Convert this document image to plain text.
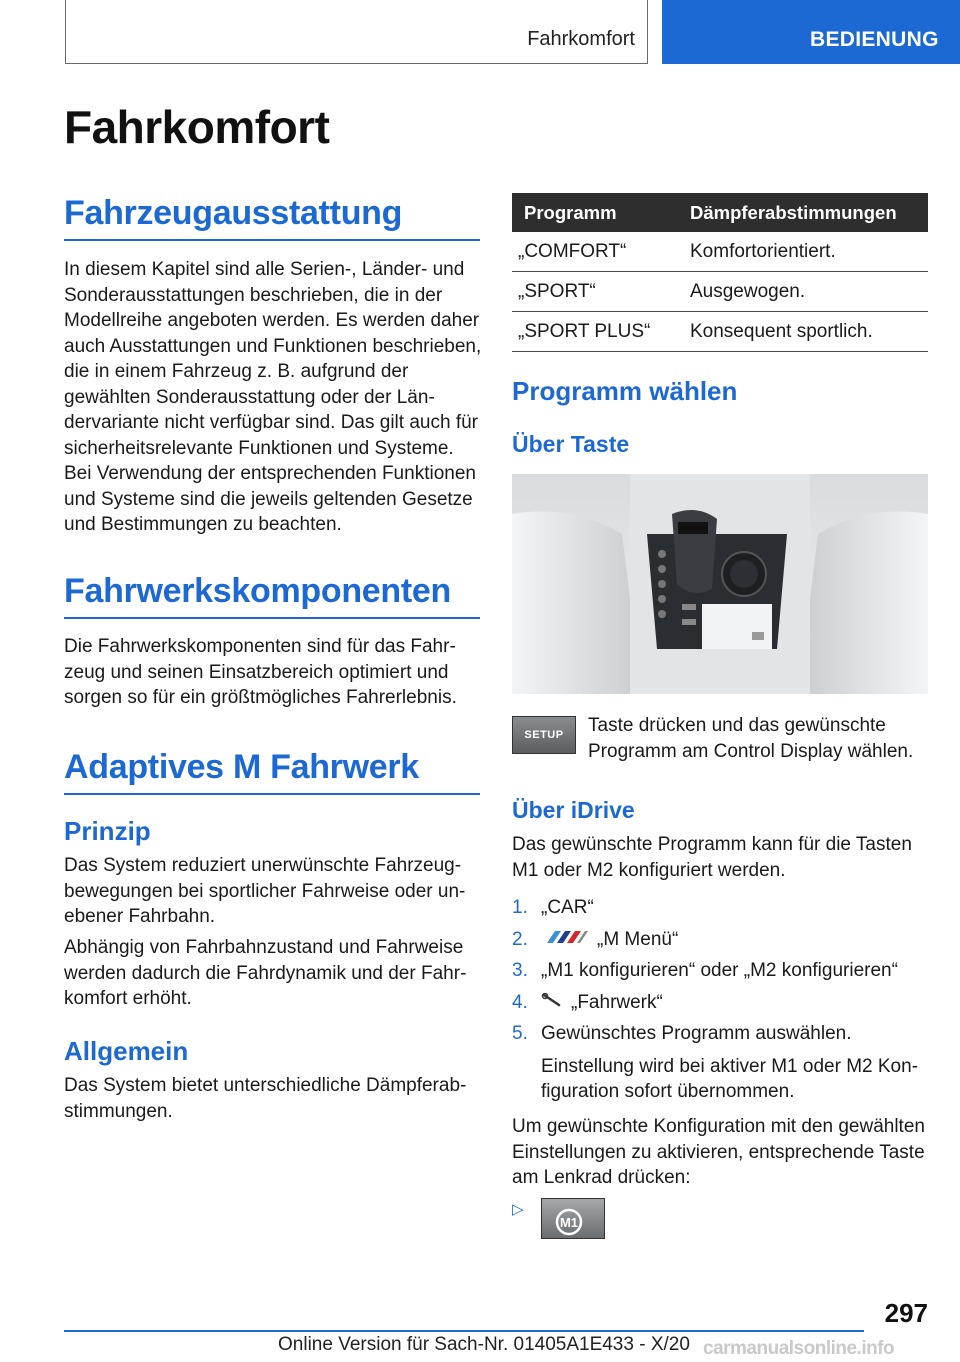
Fahrkomfort	BEDIENUNG
Fahrkomfort
Fahrzeugausstattung

In diesem Kapitel sind alle Serien-, Länder- und Sonderausstattungen beschrieben, die in der Modellreihe angeboten werden. Es werden daher auch Ausstattungen und Funktionen beschrieben, die in einem Fahrzeug z. B. aufgrund der gewählten Sonderausstattung oder der Ländervariante nicht verfügbar sind. Das gilt auch für sicherheitsrelevante Funktionen und Systeme. Bei Verwendung der entsprechenden Funktionen und Systeme sind die jeweils geltenden Gesetze und Bestimmungen zu beachten.

Fahrwerkskomponenten

Die Fahrwerkskomponenten sind für das Fahrzeug und seinen Einsatzbereich optimiert und sorgen so für ein größtmögliches Fahrerlebnis.

Adaptives M Fahrwerk
Prinzip

Das System reduziert unerwünschte Fahrzeugbewegungen bei sportlicher Fahrweise oder unebener Fahrbahn.

Abhängig von Fahrbahnzustand und Fahrweise werden dadurch die Fahrdynamik und der Fahrkomfort erhöht.

Allgemein

Das System bietet unterschiedliche Dämpferabstimmungen.

Programm	Dämpferabstimmungen
„COMFORT“	Komfortorientiert.
„SPORT“	Ausgewogen.
„SPORT PLUS“	Konsequent sportlich.
Programm wählen
Über Taste
SETUP	Taste drücken und das gewünschte Programm am Control Display wählen.

Über iDrive

Das gewünschte Programm kann für die Tasten M1 oder M2 konfiguriert werden.

1. „CAR“
2.	„M Menü“
3. „M1 konfigurieren“ oder „M2 konfigurieren“
4. „Fahrwerk“
5. Gewünschtes Programm auswählen.
Einstellung wird bei aktiver M1 oder M2 Konfiguration sofort übernommen.

Um gewünschte Konfiguration mit den gewählten Einstellungen zu aktivieren, entsprechende Taste am Lenkrad drücken:

▷
M1
297
Online Version für Sach-Nr. 01405A1E433 - X/20 carmanualsonline.info
